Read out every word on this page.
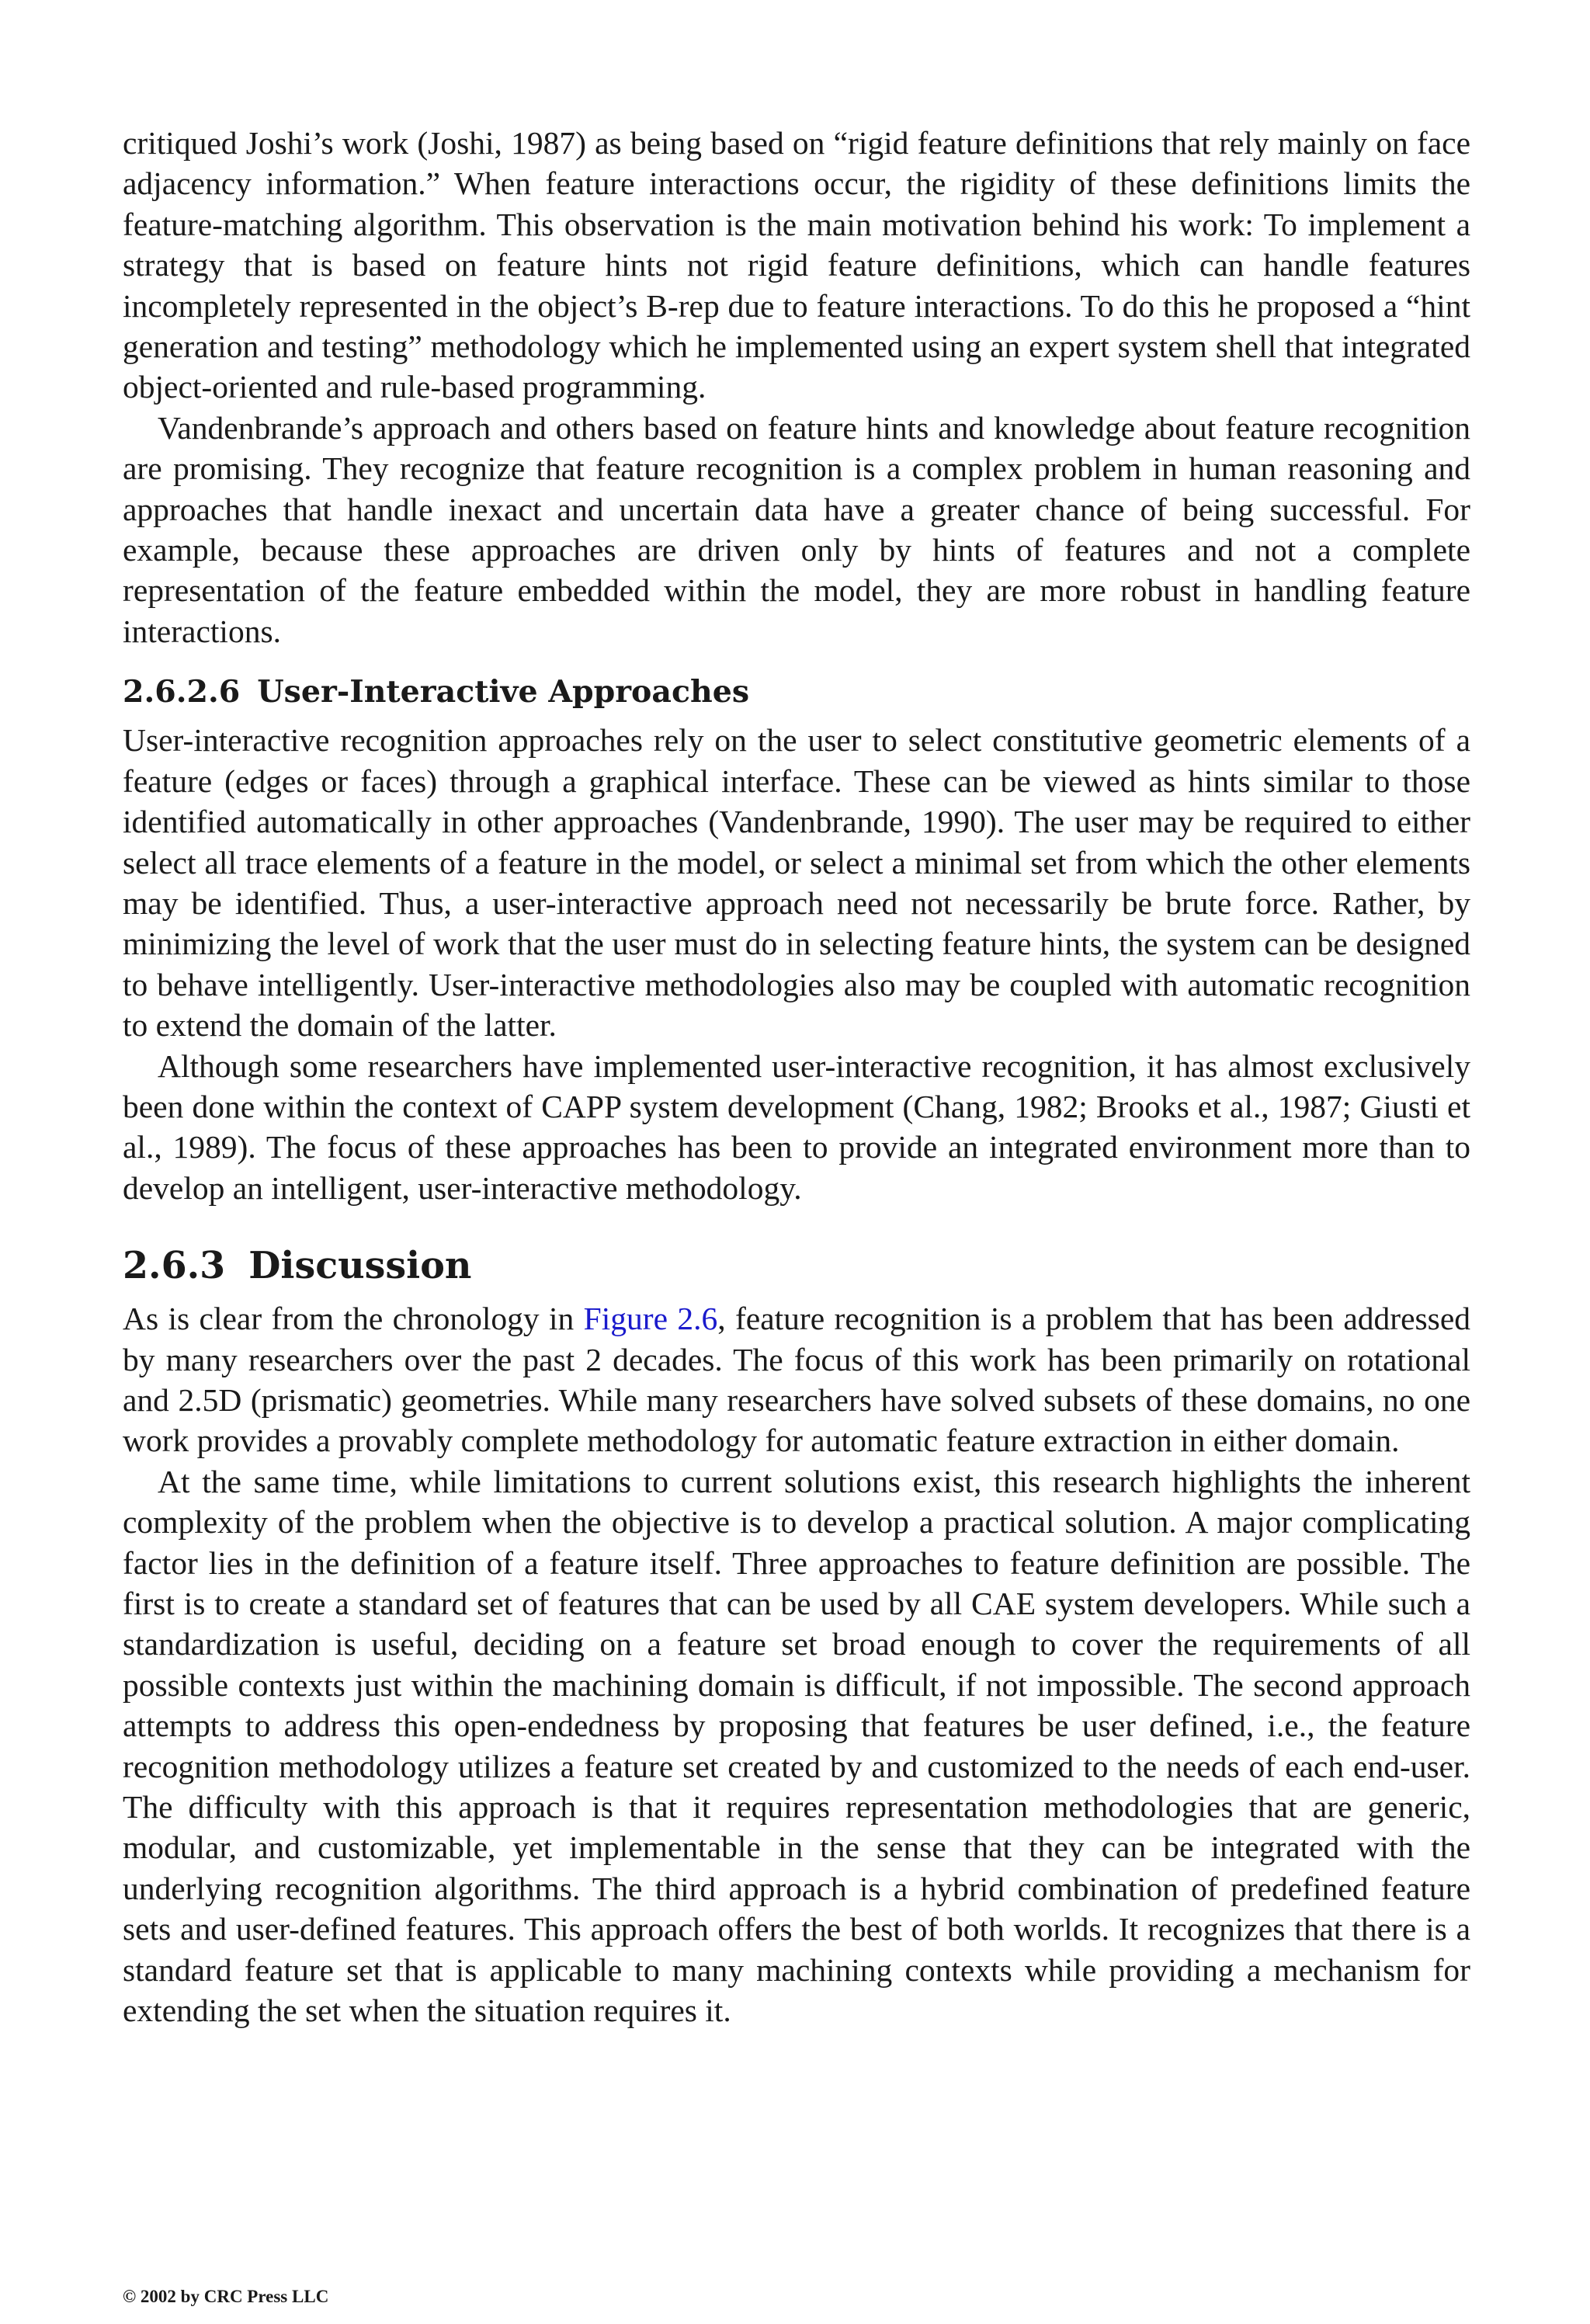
critiqued Joshi’s work (Joshi, 1987) as being based on “rigid feature definitions that rely mainly on face adjacency information.” When feature interactions occur, the rigidity of these definitions limits the feature-matching algorithm. This observation is the main motivation behind his work: To implement a strategy that is based on feature hints not rigid feature definitions, which can handle features incompletely represented in the object’s B-rep due to feature interactions. To do this he proposed a “hint generation and testing” methodology which he implemented using an expert system shell that integrated object-oriented and rule-based programming.

Vandenbrande’s approach and others based on feature hints and knowledge about feature recognition are promising. They recognize that feature recognition is a complex problem in human reasoning and approaches that handle inexact and uncertain data have a greater chance of being successful. For example, because these approaches are driven only by hints of features and not a complete representation of the feature embedded within the model, they are more robust in handling feature interactions.

2.6.2.6 User-Interactive Approaches

User-interactive recognition approaches rely on the user to select constitutive geometric elements of a feature (edges or faces) through a graphical interface. These can be viewed as hints similar to those identified automatically in other approaches (Vandenbrande, 1990). The user may be required to either select all trace elements of a feature in the model, or select a minimal set from which the other elements may be identified. Thus, a user-interactive approach need not necessarily be brute force. Rather, by minimizing the level of work that the user must do in selecting feature hints, the system can be designed to behave intelligently. User-interactive methodologies also may be coupled with automatic recognition to extend the domain of the latter.

Although some researchers have implemented user-interactive recognition, it has almost exclusively been done within the context of CAPP system development (Chang, 1982; Brooks et al., 1987; Giusti et al., 1989). The focus of these approaches has been to provide an integrated environment more than to develop an intelligent, user-interactive methodology.

2.6.3 Discussion

As is clear from the chronology in Figure 2.6, feature recognition is a problem that has been addressed by many researchers over the past 2 decades. The focus of this work has been primarily on rotational and 2.5D (prismatic) geometries. While many researchers have solved subsets of these domains, no one work provides a provably complete methodology for automatic feature extraction in either domain.

At the same time, while limitations to current solutions exist, this research highlights the inherent complexity of the problem when the objective is to develop a practical solution. A major complicating factor lies in the definition of a feature itself. Three approaches to feature definition are possible. The first is to create a standard set of features that can be used by all CAE system developers. While such a standardization is useful, deciding on a feature set broad enough to cover the requirements of all possible contexts just within the machining domain is difficult, if not impossible. The second approach attempts to address this open-endedness by proposing that features be user defined, i.e., the feature recognition methodology utilizes a feature set created by and customized to the needs of each end-user. The difficulty with this approach is that it requires representation methodologies that are generic, modular, and customizable, yet implementable in the sense that they can be integrated with the underlying recognition algorithms. The third approach is a hybrid combination of predefined feature sets and user-defined features. This approach offers the best of both worlds. It recognizes that there is a standard feature set that is applicable to many machining contexts while providing a mechanism for extending the set when the situation requires it.

© 2002 by CRC Press LLC
